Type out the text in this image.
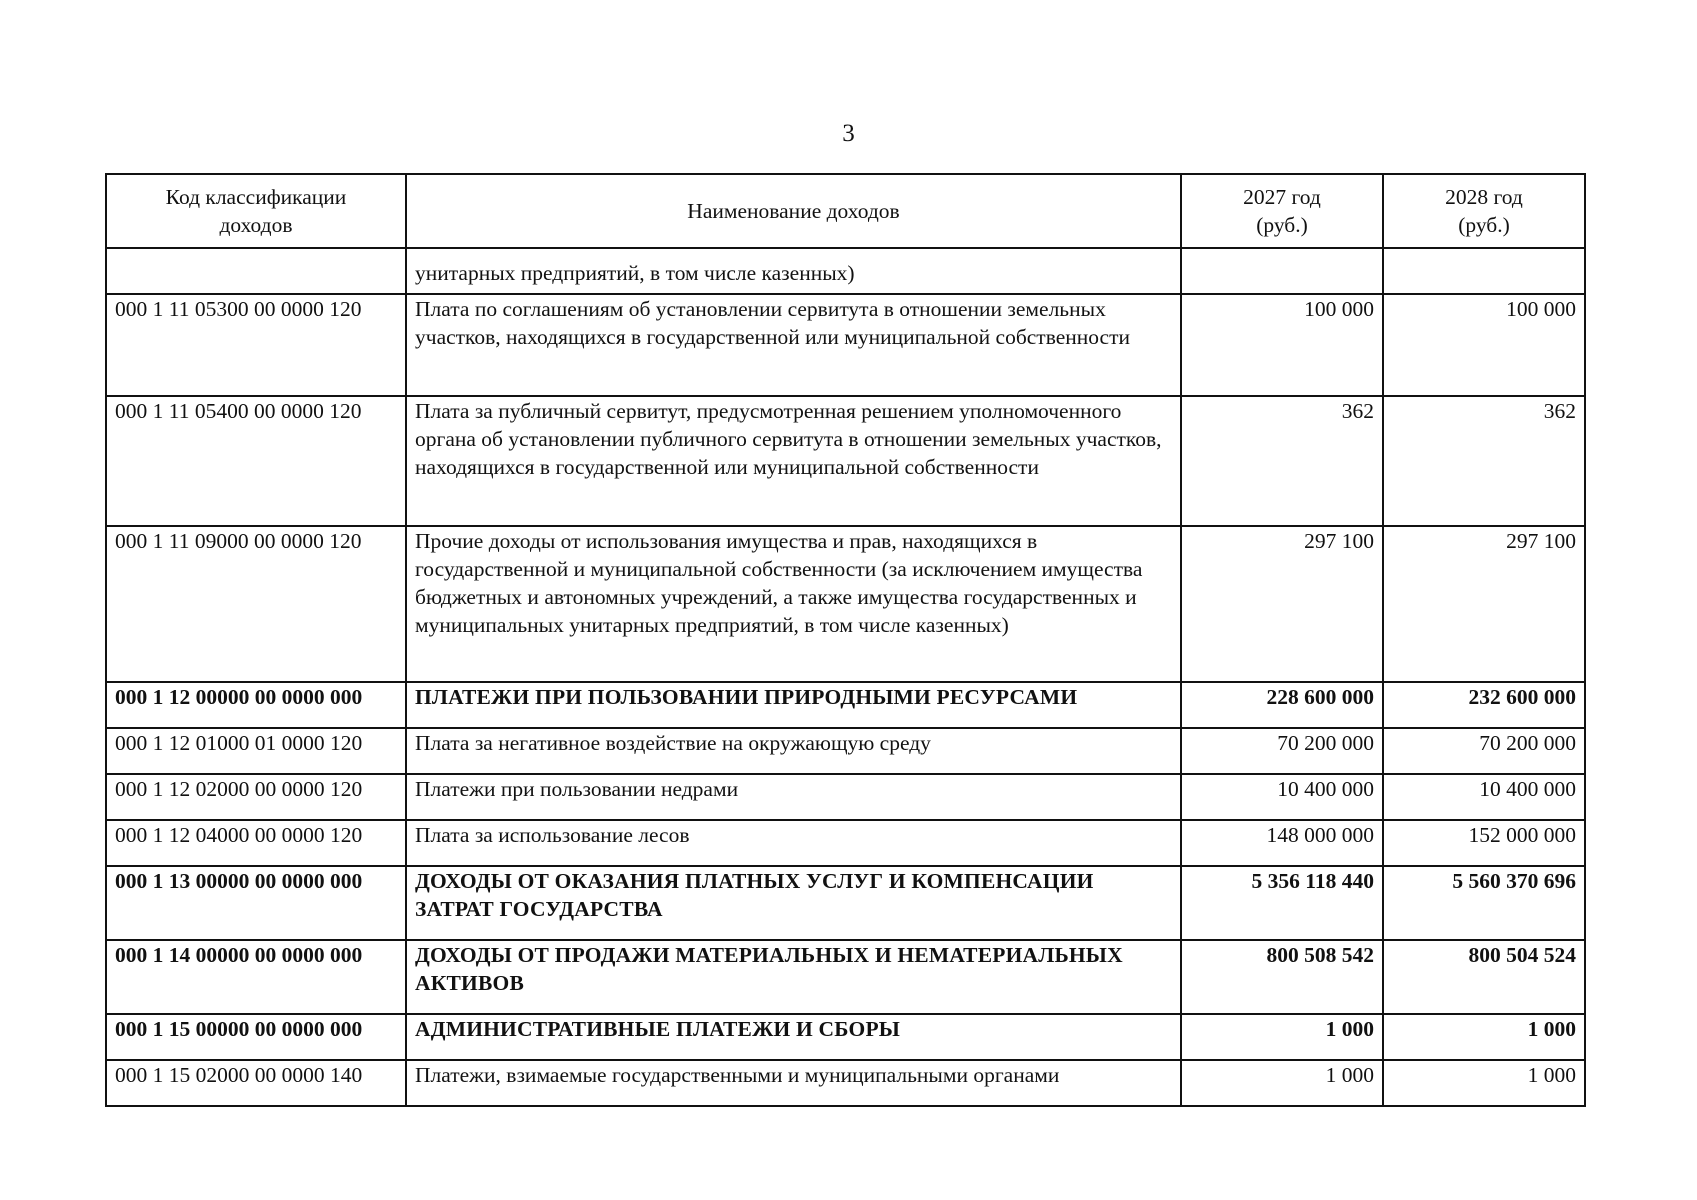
3
Код классификации доходов	Наименование доходов	2027 год (руб.)	2028 год (руб.)
	унитарных предприятий, в том числе казенных)		
000 1 11 05300 00 0000 120	Плата по соглашениям об установлении сервитута в отношении земельных участков, находящихся в государственной или муниципальной собственности	100 000	100 000
000 1 11 05400 00 0000 120	Плата за публичный сервитут, предусмотренная решением уполномоченного органа об установлении публичного сервитута в отношении земельных участков, находящихся в государственной или муниципальной собственности	362	362
000 1 11 09000 00 0000 120	Прочие доходы от использования имущества и прав, находящихся в государственной и муниципальной собственности (за исключением имущества бюджетных и автономных учреждений, а также имущества государственных и муниципальных унитарных предприятий, в том числе казенных)	297 100	297 100
000 1 12 00000 00 0000 000	ПЛАТЕЖИ ПРИ ПОЛЬЗОВАНИИ ПРИРОДНЫМИ РЕСУРСАМИ	228 600 000	232 600 000
000 1 12 01000 01 0000 120	Плата за негативное воздействие на окружающую среду	70 200 000	70 200 000
000 1 12 02000 00 0000 120	Платежи при пользовании недрами	10 400 000	10 400 000
000 1 12 04000 00 0000 120	Плата за использование лесов	148 000 000	152 000 000
000 1 13 00000 00 0000 000	ДОХОДЫ ОТ ОКАЗАНИЯ ПЛАТНЫХ УСЛУГ И КОМПЕНСАЦИИ ЗАТРАТ ГОСУДАРСТВА	5 356 118 440	5 560 370 696
000 1 14 00000 00 0000 000	ДОХОДЫ ОТ ПРОДАЖИ МАТЕРИАЛЬНЫХ И НЕМАТЕРИАЛЬНЫХ АКТИВОВ	800 508 542	800 504 524
000 1 15 00000 00 0000 000	АДМИНИСТРАТИВНЫЕ ПЛАТЕЖИ И СБОРЫ	1 000	1 000
000 1 15 02000 00 0000 140	Платежи, взимаемые государственными и муниципальными органами	1 000	1 000
